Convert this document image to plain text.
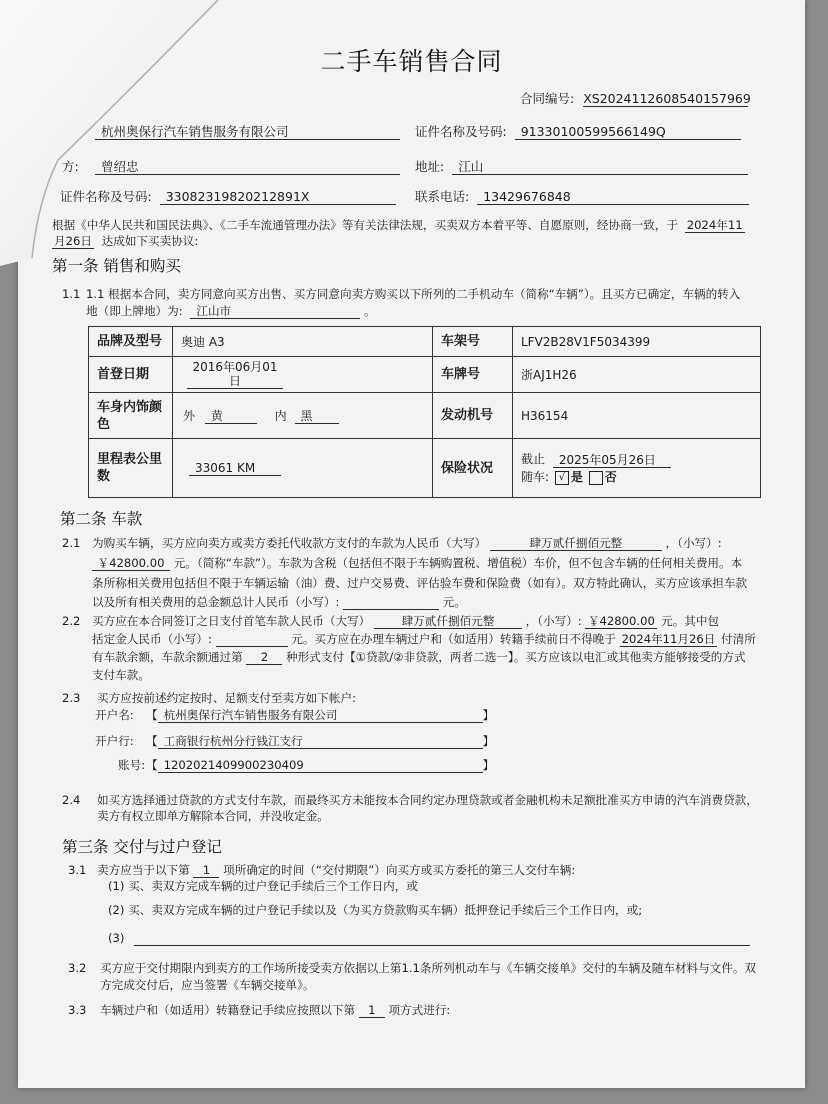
二手车销售合同
合同编号: XS2024112608540157969
杭州奥保行汽车销售服务有限公司	证件名称及号码: 91330100599566149Q
方:	曾绍忠	地址: 江山
证件名称及号码: 33082319820212891X	联系电话: 13429676848
根据《中华人民共和国民法典》、《二手车流通管理办法》等有关法律法规，买卖双方本着平等、自愿原则，经协商一致，于 2024年11
月26日 达成如下买卖协议:
第一条 销售和购买
1.1 1.1 根据本合同，卖方同意向买方出售、买方同意向卖方购买以下所列的二手机动车（简称“车辆”）。且买方已确定，车辆的转入
地（即上牌地）为: 江山市	。
品牌及型号	奥迪 A3	车架号	LFV2B28V1F5034399
首登日期	2016年06月01日	车牌号	浙AJ1H26
车身内饰颜色	外 黄 内 黑	发动机号	H36154
里程表公里数	33061 KM	保险状况	截止 2025年05月26日
随车: √ 是 否
第二条 车款
2.1 为购买车辆，买方应向卖方或卖方委托代收款方支付的车款为人民币（大写）	肆万贰仟捌佰元整	，（小写）:
￥42800.00 元。（简称“车款”）。车款为含税（包括但不限于车辆购置税、增值税）车价，但不包含车辆的任何相关费用。本
条所称相关费用包括但不限于车辆运输（油）费、过户交易费、评估验车费和保险费（如有）。双方特此确认，买方应该承担车款
以及所有相关费用的总金额总计人民币（小写）:	元。
2.2 买方应在本合同签订之日支付首笔车款人民币（大写）	肆万贰仟捌佰元整	，（小写）: ￥42800.00 元。其中包
括定金人民币（小写）:	元。买方应在办理车辆过户和（如适用）转籍手续前日不得晚于 2024年11月26日 付清所
有车款余额，车款余额通过第 2 种形式支付【①贷款/②非贷款，两者二选一】。买方应该以电汇或其他卖方能够接受的方式
支付车款。
2.3 买方应按前述约定按时、足额支付至卖方如下帐户:
开户名: 【 杭州奥保行汽车销售服务有限公司	】
开户行: 【 工商银行杭州分行钱江支行	】
账号: 【 1202021409900230409	】
2.4 如买方选择通过贷款的方式支付车款，而最终买方未能按本合同约定办理贷款或者金融机构未足额批准买方申请的汽车消费贷款，
卖方有权立即单方解除本合同，并没收定金。
第三条 交付与过户登记
3.1 卖方应当于以下第 1 项所确定的时间（“交付期限”）向买方或买方委托的第三人交付车辆:
(1) 买、卖双方完成车辆的过户登记手续后三个工作日内，或
(2) 买、卖双方完成车辆的过户登记手续以及（为买方贷款购买车辆）抵押登记手续后三个工作日内，或;
(3)
3.2 买方应于交付期限内到卖方的工作场所接受卖方依据以上第1.1条所列机动车与《车辆交接单》交付的车辆及随车材料与文件。双
方完成交付后，应当签署《车辆交接单》。
3.3 车辆过户和（如适用）转籍登记手续应按照以下第 1 项方式进行:
